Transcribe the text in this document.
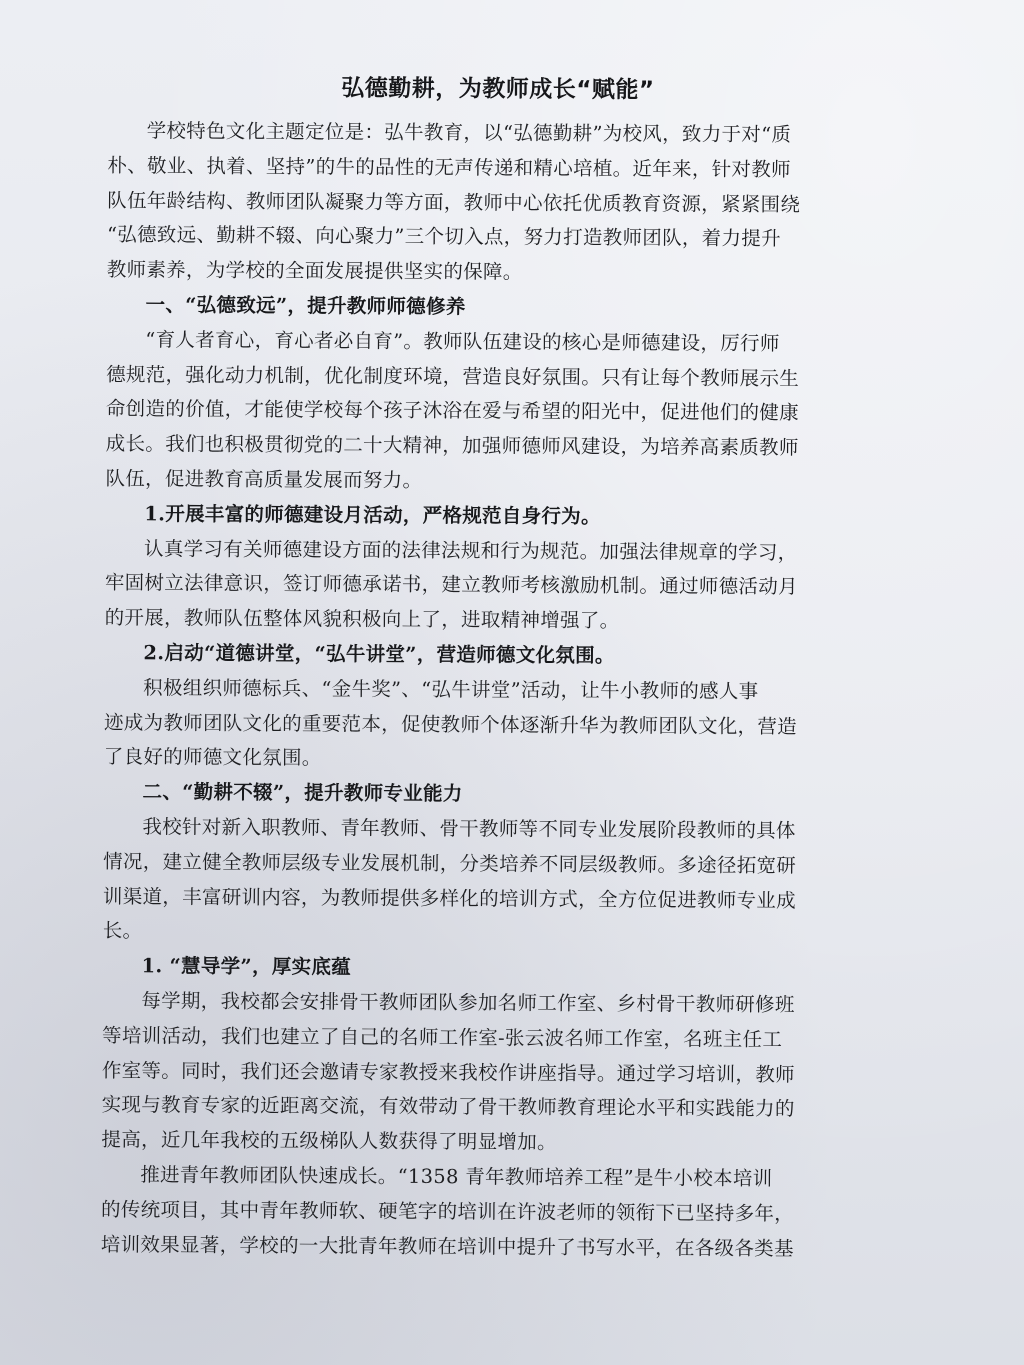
弘德勤耕，为教师成长“赋能”

学校特色文化主题定位是：弘牛教育，以“弘德勤耕”为校风，致力于对“质
朴、敬业、执着、坚持”的牛的品性的无声传递和精心培植。近年来，针对教师
队伍年龄结构、教师团队凝聚力等方面，教师中心依托优质教育资源，紧紧围绕
“弘德致远、勤耕不辍、向心聚力”三个切入点，努力打造教师团队，着力提升
教师素养，为学校的全面发展提供坚实的保障。

一、“弘德致远”，提升教师师德修养

“育人者育心，育心者必自育”。教师队伍建设的核心是师德建设，厉行师
德规范，强化动力机制，优化制度环境，营造良好氛围。只有让每个教师展示生
命创造的价值，才能使学校每个孩子沐浴在爱与希望的阳光中，促进他们的健康
成长。我们也积极贯彻党的二十大精神，加强师德师风建设，为培养高素质教师
队伍，促进教育高质量发展而努力。

1.开展丰富的师德建设月活动，严格规范自身行为。

认真学习有关师德建设方面的法律法规和行为规范。加强法律规章的学习，
牢固树立法律意识，签订师德承诺书，建立教师考核激励机制。通过师德活动月
的开展，教师队伍整体风貌积极向上了，进取精神增强了。

2.启动“道德讲堂，“弘牛讲堂”，营造师德文化氛围。

积极组织师德标兵、“金牛奖”、“弘牛讲堂”活动，让牛小教师的感人事
迹成为教师团队文化的重要范本，促使教师个体逐渐升华为教师团队文化，营造
了良好的师德文化氛围。

二、“勤耕不辍”，提升教师专业能力

我校针对新入职教师、青年教师、骨干教师等不同专业发展阶段教师的具体
情况，建立健全教师层级专业发展机制，分类培养不同层级教师。多途径拓宽研
训渠道，丰富研训内容，为教师提供多样化的培训方式，全方位促进教师专业成
长。

1. “慧导学”，厚实底蕴

每学期，我校都会安排骨干教师团队参加名师工作室、乡村骨干教师研修班
等培训活动，我们也建立了自己的名师工作室-张云波名师工作室，名班主任工
作室等。同时，我们还会邀请专家教授来我校作讲座指导。通过学习培训，教师
实现与教育专家的近距离交流，有效带动了骨干教师教育理论水平和实践能力的
提高，近几年我校的五级梯队人数获得了明显增加。

推进青年教师团队快速成长。“1358 青年教师培养工程”是牛小校本培训
的传统项目，其中青年教师软、硬笔字的培训在许波老师的领衔下已坚持多年，
培训效果显著，学校的一大批青年教师在培训中提升了书写水平，在各级各类基
